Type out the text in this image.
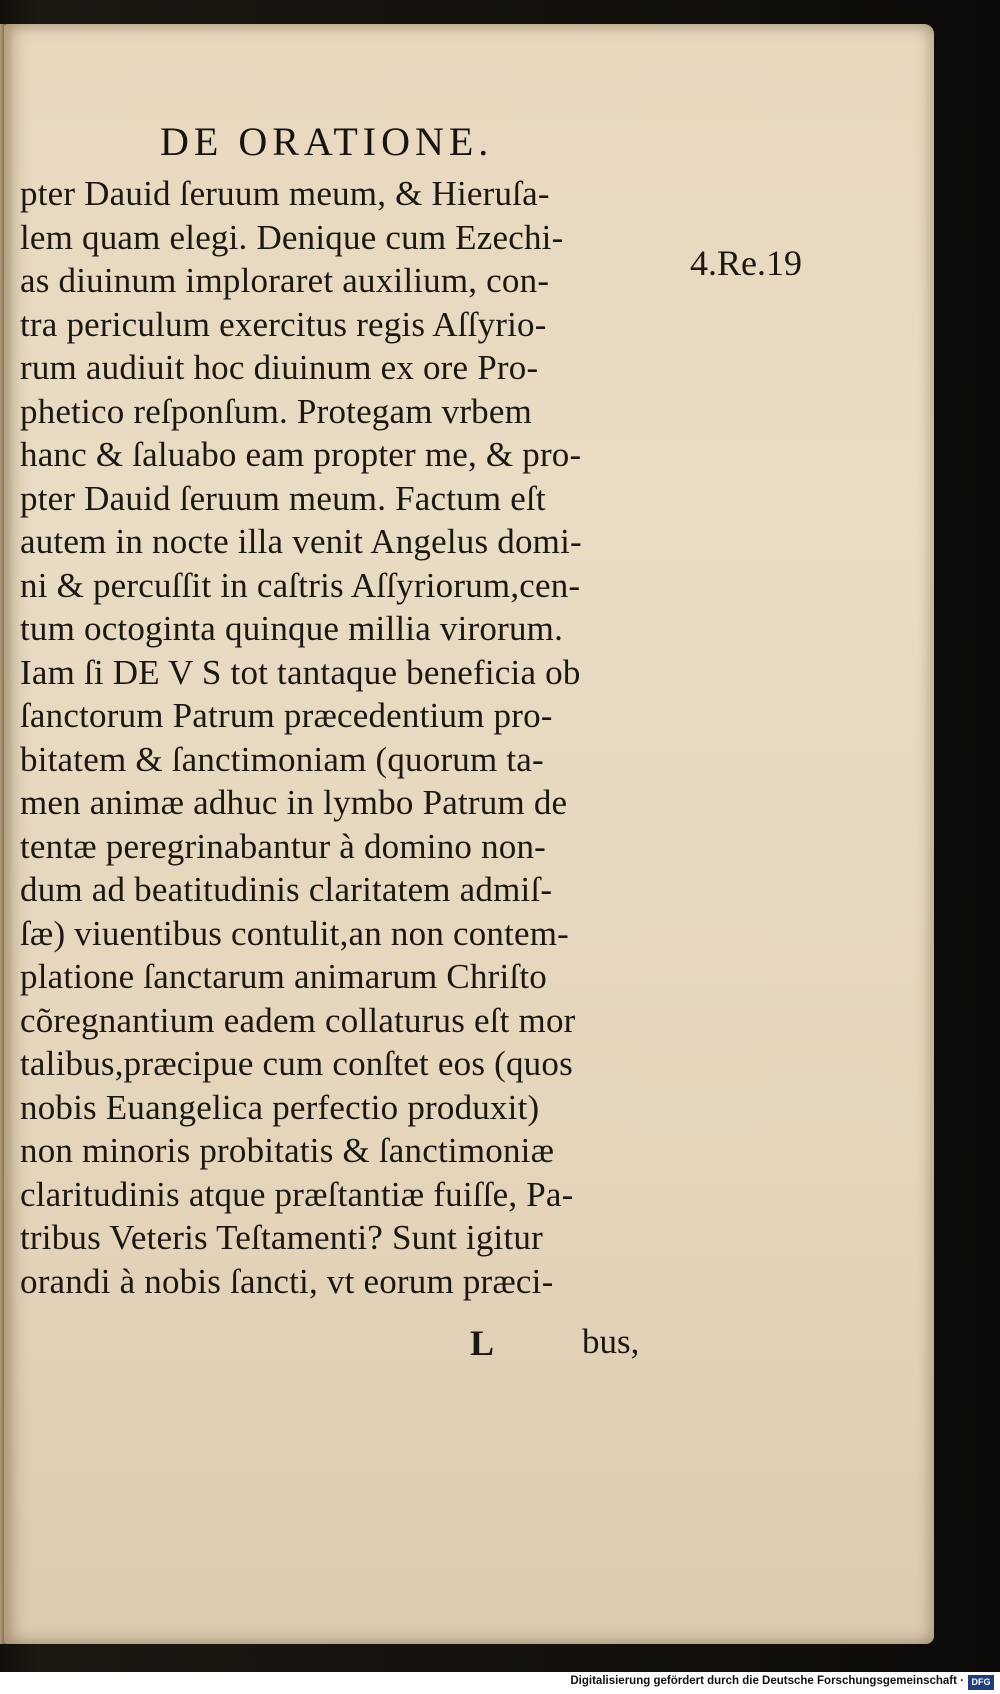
DE ORATIONE.
4.Re.19
pter Dauid ſeruum meum, & Hieruſa-
lem quam elegi. Denique cum Ezechi-
as diuinum imploraret auxilium, con-
tra periculum exercitus regis Aſſyrio-
rum audiuit hoc diuinum ex ore Pro-
phetico reſponſum. Protegam vrbem
hanc & ſaluabo eam propter me, & pro-
pter Dauid ſeruum meum. Factum eſt
autem in nocte illa venit Angelus domi-
ni & percuſſit in caſtris Aſſyriorum,cen-
tum octoginta quinque millia virorum.
Iam ſi DE V S tot tantaque beneficia ob
ſanctorum Patrum præcedentium pro-
bitatem & ſanctimoniam (quorum ta-
men animæ adhuc in lymbo Patrum de
tentæ peregrinabantur à domino non-
dum ad beatitudinis claritatem admiſ-
ſæ) viuentibus contulit,an non contem-
platione ſanctarum animarum Chriſto
cõregnantium eadem collaturus eſt mor
talibus,præcipue cum conſtet eos (quos
nobis Euangelica perfectio produxit)
non minoris probitatis & ſanctimoniæ
claritudinis atque præſtantiæ fuiſſe, Pa-
tribus Veteris Teſtamenti? Sunt igitur
orandi à nobis ſancti, vt eorum præci-
L	bus,
Digitalisierung gefördert durch die Deutsche Forschungsgemeinschaft · DFG
